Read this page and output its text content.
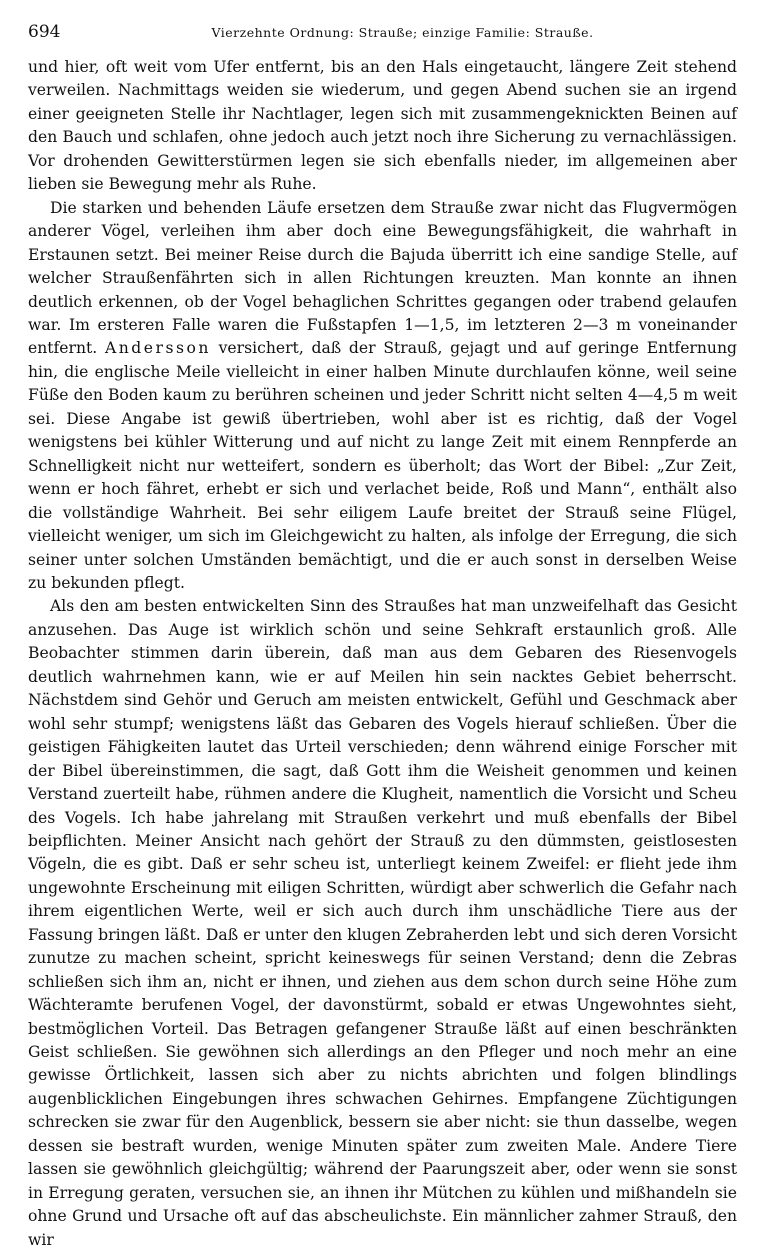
694	Vierzehnte Ordnung: Strauße; einzige Familie: Strauße.

und hier, oft weit vom Ufer entfernt, bis an den Hals eingetaucht, längere Zeit stehend verweilen. Nachmittags weiden sie wiederum, und gegen Abend suchen sie an irgend einer geeigneten Stelle ihr Nachtlager, legen sich mit zusammengeknickten Beinen auf den Bauch und schlafen, ohne jedoch auch jetzt noch ihre Sicherung zu vernachlässigen. Vor drohenden Gewitterstürmen legen sie sich ebenfalls nieder, im allgemeinen aber lieben sie Bewegung mehr als Ruhe.

Die starken und behenden Läufe ersetzen dem Strauße zwar nicht das Flugvermögen anderer Vögel, verleihen ihm aber doch eine Bewegungsfähigkeit, die wahrhaft in Erstaunen setzt. Bei meiner Reise durch die Bajuda überritt ich eine sandige Stelle, auf welcher Straußenfährten sich in allen Richtungen kreuzten. Man konnte an ihnen deutlich erkennen, ob der Vogel behaglichen Schrittes gegangen oder trabend gelaufen war. Im ersteren Falle waren die Fußstapfen 1—1,5, im letzteren 2—3 m voneinander entfernt. Andersson versichert, daß der Strauß, gejagt und auf geringe Entfernung hin, die englische Meile vielleicht in einer halben Minute durchlaufen könne, weil seine Füße den Boden kaum zu berühren scheinen und jeder Schritt nicht selten 4—4,5 m weit sei. Diese Angabe ist gewiß übertrieben, wohl aber ist es richtig, daß der Vogel wenigstens bei kühler Witterung und auf nicht zu lange Zeit mit einem Rennpferde an Schnelligkeit nicht nur wetteifert, sondern es überholt; das Wort der Bibel: „Zur Zeit, wenn er hoch fähret, erhebt er sich und verlachet beide, Roß und Mann“, enthält also die vollständige Wahrheit. Bei sehr eiligem Laufe breitet der Strauß seine Flügel, vielleicht weniger, um sich im Gleichgewicht zu halten, als infolge der Erregung, die sich seiner unter solchen Umständen bemächtigt, und die er auch sonst in derselben Weise zu bekunden pflegt.

Als den am besten entwickelten Sinn des Straußes hat man unzweifelhaft das Gesicht anzusehen. Das Auge ist wirklich schön und seine Sehkraft erstaunlich groß. Alle Beobachter stimmen darin überein, daß man aus dem Gebaren des Riesenvogels deutlich wahrnehmen kann, wie er auf Meilen hin sein nacktes Gebiet beherrscht. Nächstdem sind Gehör und Geruch am meisten entwickelt, Gefühl und Geschmack aber wohl sehr stumpf; wenigstens läßt das Gebaren des Vogels hierauf schließen. Über die geistigen Fähigkeiten lautet das Urteil verschieden; denn während einige Forscher mit der Bibel übereinstimmen, die sagt, daß Gott ihm die Weisheit genommen und keinen Verstand zuerteilt habe, rühmen andere die Klugheit, namentlich die Vorsicht und Scheu des Vogels. Ich habe jahrelang mit Straußen verkehrt und muß ebenfalls der Bibel beipflichten. Meiner Ansicht nach gehört der Strauß zu den dümmsten, geistlosesten Vögeln, die es gibt. Daß er sehr scheu ist, unterliegt keinem Zweifel: er flieht jede ihm ungewohnte Erscheinung mit eiligen Schritten, würdigt aber schwerlich die Gefahr nach ihrem eigentlichen Werte, weil er sich auch durch ihm unschädliche Tiere aus der Fassung bringen läßt. Daß er unter den klugen Zebraherden lebt und sich deren Vorsicht zunutze zu machen scheint, spricht keineswegs für seinen Verstand; denn die Zebras schließen sich ihm an, nicht er ihnen, und ziehen aus dem schon durch seine Höhe zum Wächteramte berufenen Vogel, der davonstürmt, sobald er etwas Ungewohntes sieht, bestmöglichen Vorteil. Das Betragen gefangener Strauße läßt auf einen beschränkten Geist schließen. Sie gewöhnen sich allerdings an den Pfleger und noch mehr an eine gewisse Örtlichkeit, lassen sich aber zu nichts abrichten und folgen blindlings augenblicklichen Eingebungen ihres schwachen Gehirnes. Empfangene Züchtigungen schrecken sie zwar für den Augenblick, bessern sie aber nicht: sie thun dasselbe, wegen dessen sie bestraft wurden, wenige Minuten später zum zweiten Male. Andere Tiere lassen sie gewöhnlich gleichgültig; während der Paarungszeit aber, oder wenn sie sonst in Erregung geraten, versuchen sie, an ihnen ihr Mütchen zu kühlen und mißhandeln sie ohne Grund und Ursache oft auf das abscheulichste. Ein männlicher zahmer Strauß, den wir
